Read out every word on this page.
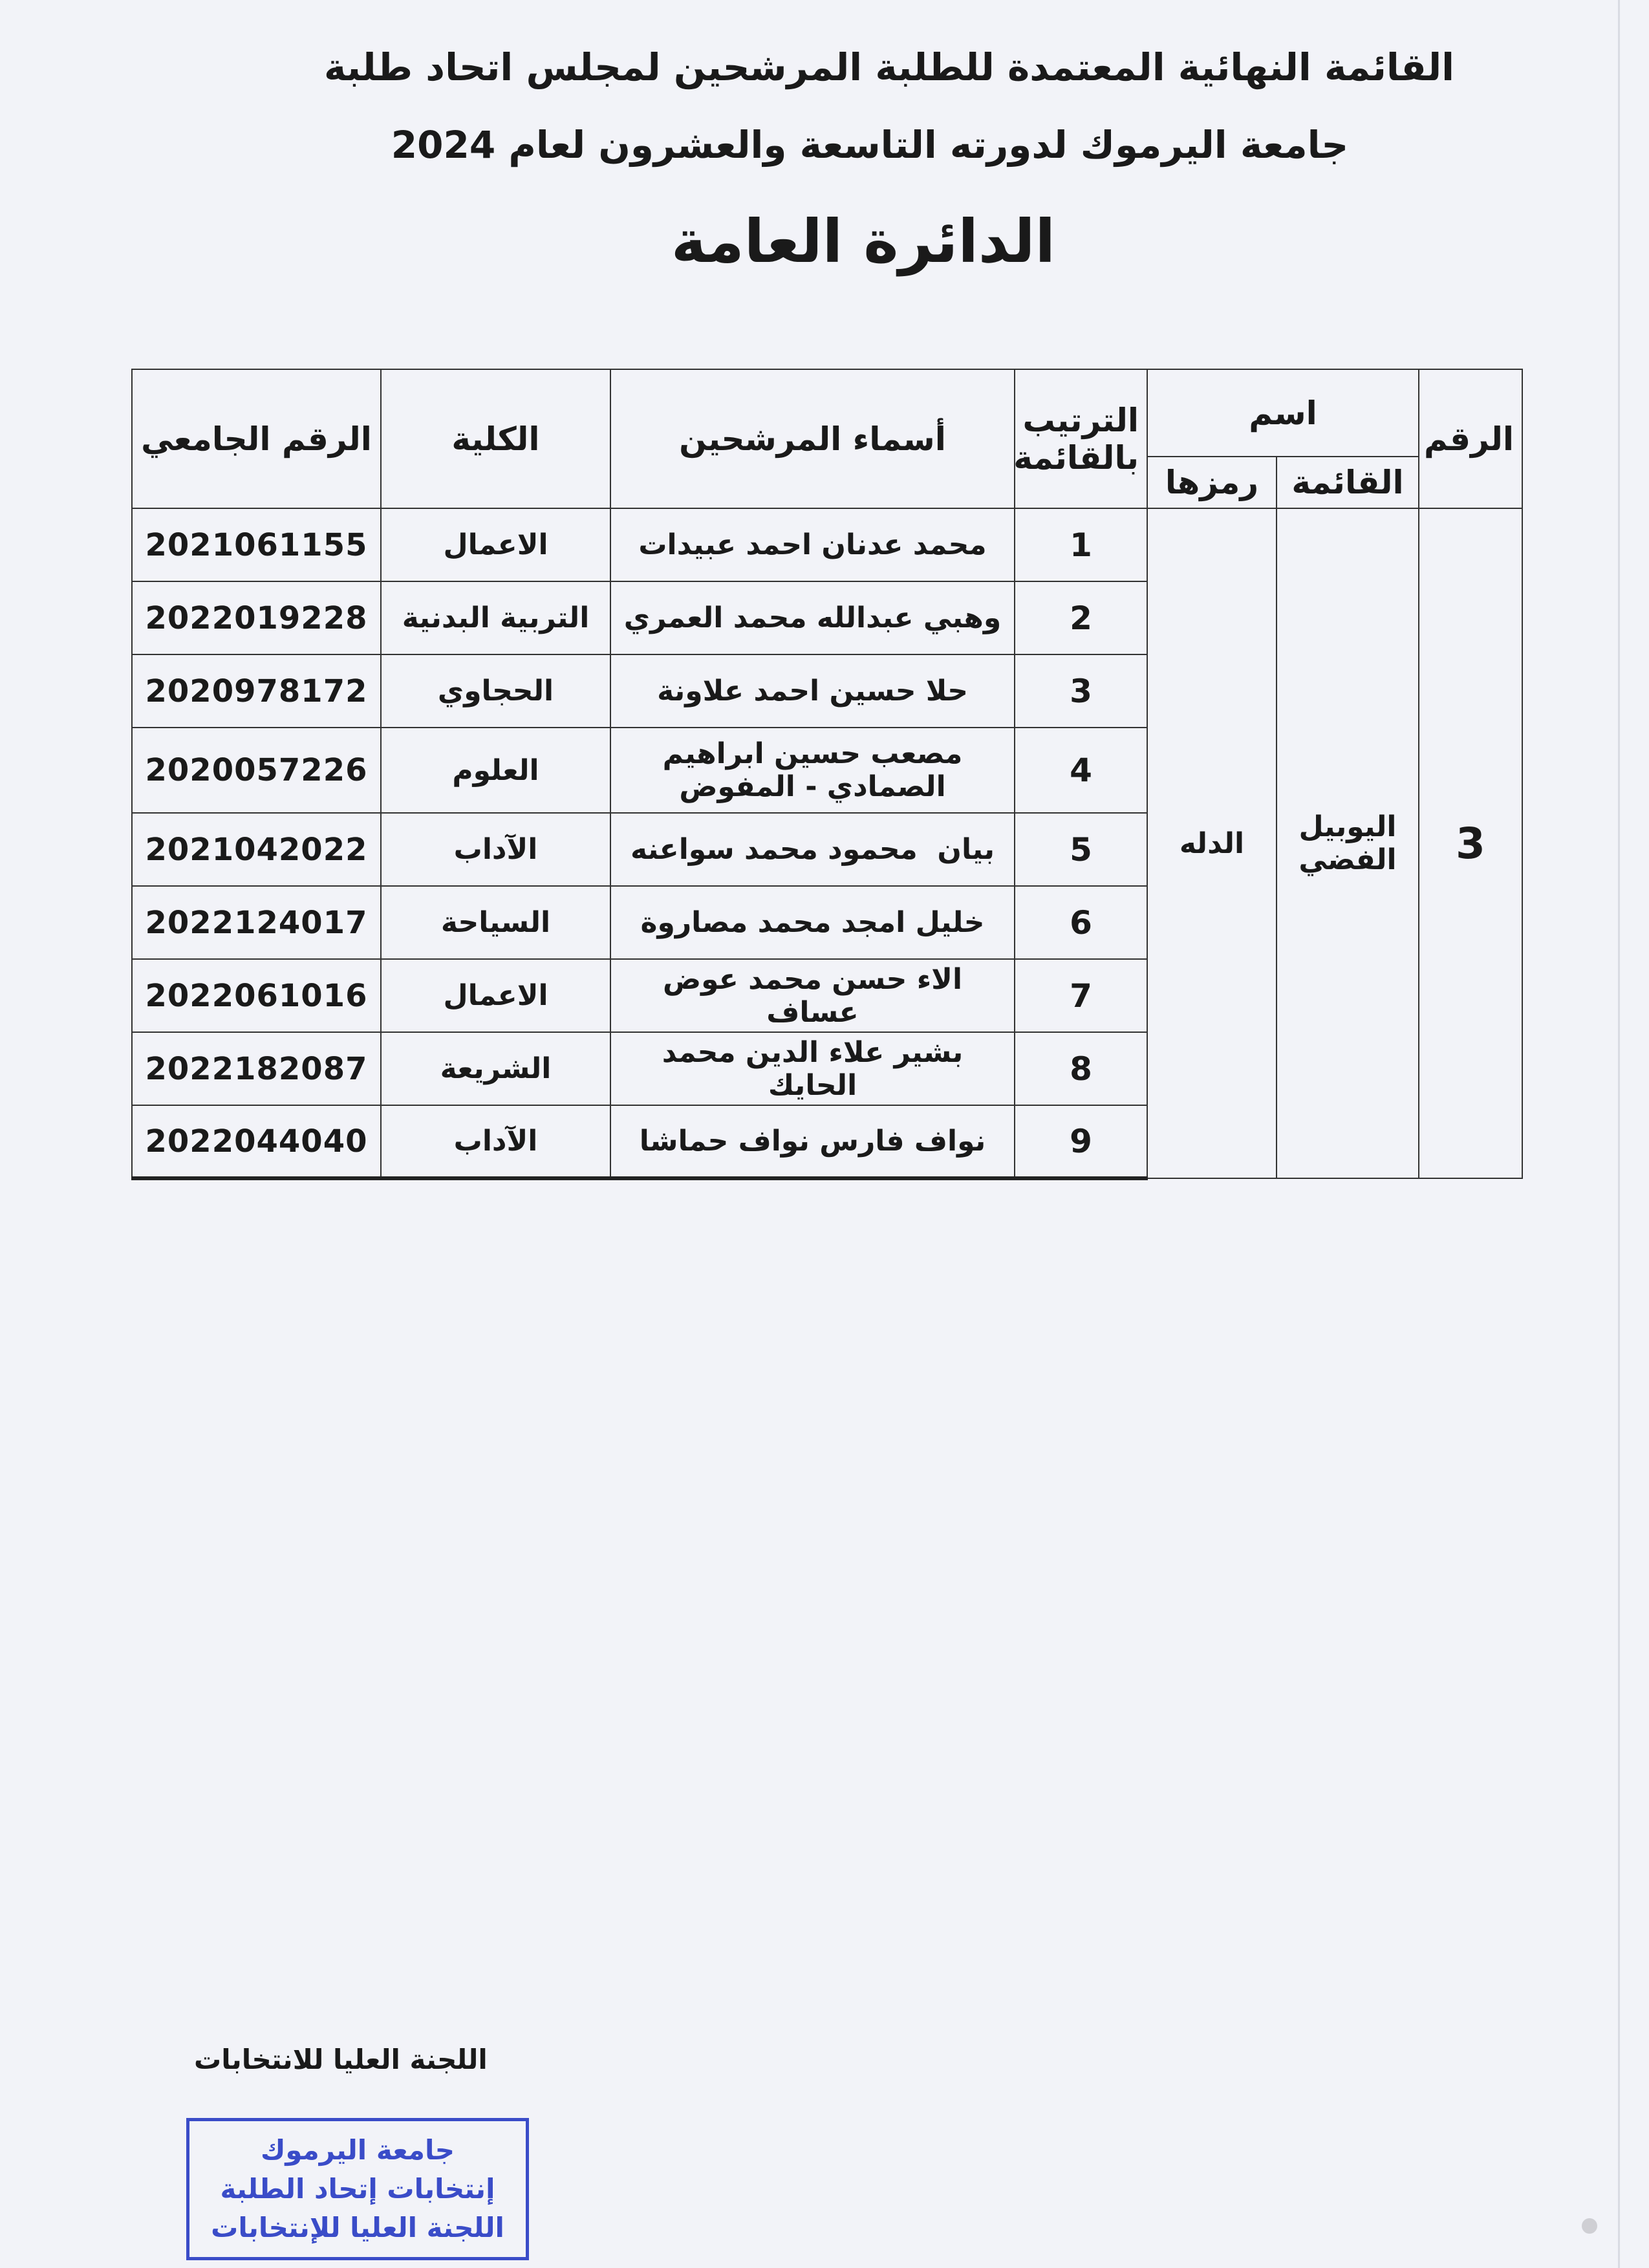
القائمة النهائية المعتمدة للطلبة المرشحين لمجلس اتحاد طلبة
جامعة اليرموك لدورته التاسعة والعشرون لعام 2024
الدائرة العامة
الرقم	اسم		الترتيب بالقائمة	أسماء المرشحين	الكلية	الرقم الجامعي
	القائمة	رمزها				
3	اليوبيل الفضي	الدله	1	محمد عدنان احمد عبيدات	الاعمال	2021061155
			2	وهبي عبدالله محمد العمري	التربية البدنية	2022019228
			3	حلا حسين احمد علاونة	الحجاوي	2020978172
			4	مصعب حسين ابراهيم الصمادي - المفوض	العلوم	2020057226
			5	بيان  محمود محمد سواعنه	الآداب	2021042022
			6	خليل امجد محمد مصاروة	السياحة	2022124017
			7	الاء حسن محمد عوض عساف	الاعمال	2022061016
			8	بشير علاء الدين محمد الحايك	الشريعة	2022182087
			9	نواف فارس نواف حماشا	الآداب	2022044040
اللجنة العليا للانتخابات
جامعة اليرموك
إنتخابات إتحاد الطلبة
اللجنة العليا للإنتخابات
